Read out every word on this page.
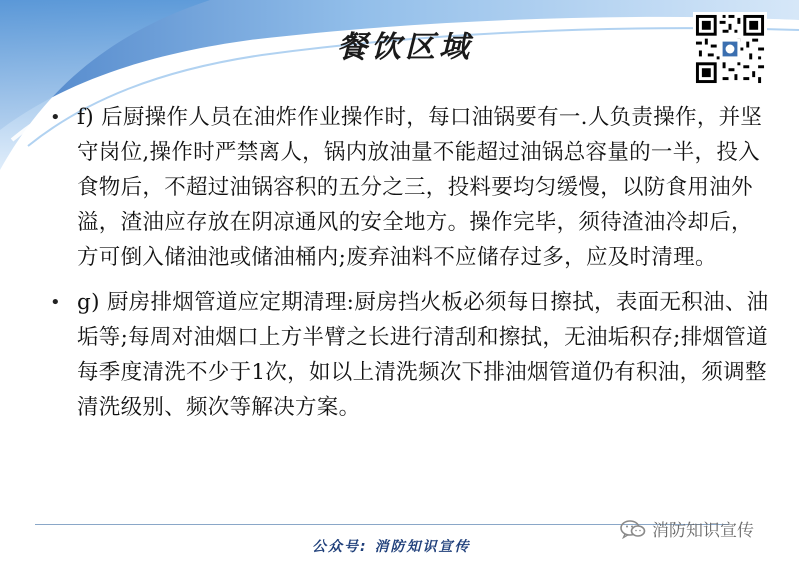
餐饮区域
• f) 后厨操作人员在油炸作业操作时，每口油锅要有一.人负责操作，并坚守岗位,操作时严禁离人，锅内放油量不能超过油锅总容量的一半，投入食物后，不超过油锅容积的五分之三，投料要均匀缓慢，以防食用油外溢，渣油应存放在阴凉通风的安全地方。操作完毕，须待渣油冷却后，方可倒入储油池或储油桶内;废弃油料不应储存过多，应及时清理。
• g) 厨房排烟管道应定期清理:厨房挡火板必须每日擦拭，表面无积油、油垢等;每周对油烟口上方半臂之长进行清刮和擦拭，无油垢积存;排烟管道每季度清洗不少于1次，如以上清洗频次下排油烟管道仍有积油，须调整清洗级别、频次等解决方案。
公众号: 消防知识宣传
消防知识宣传
